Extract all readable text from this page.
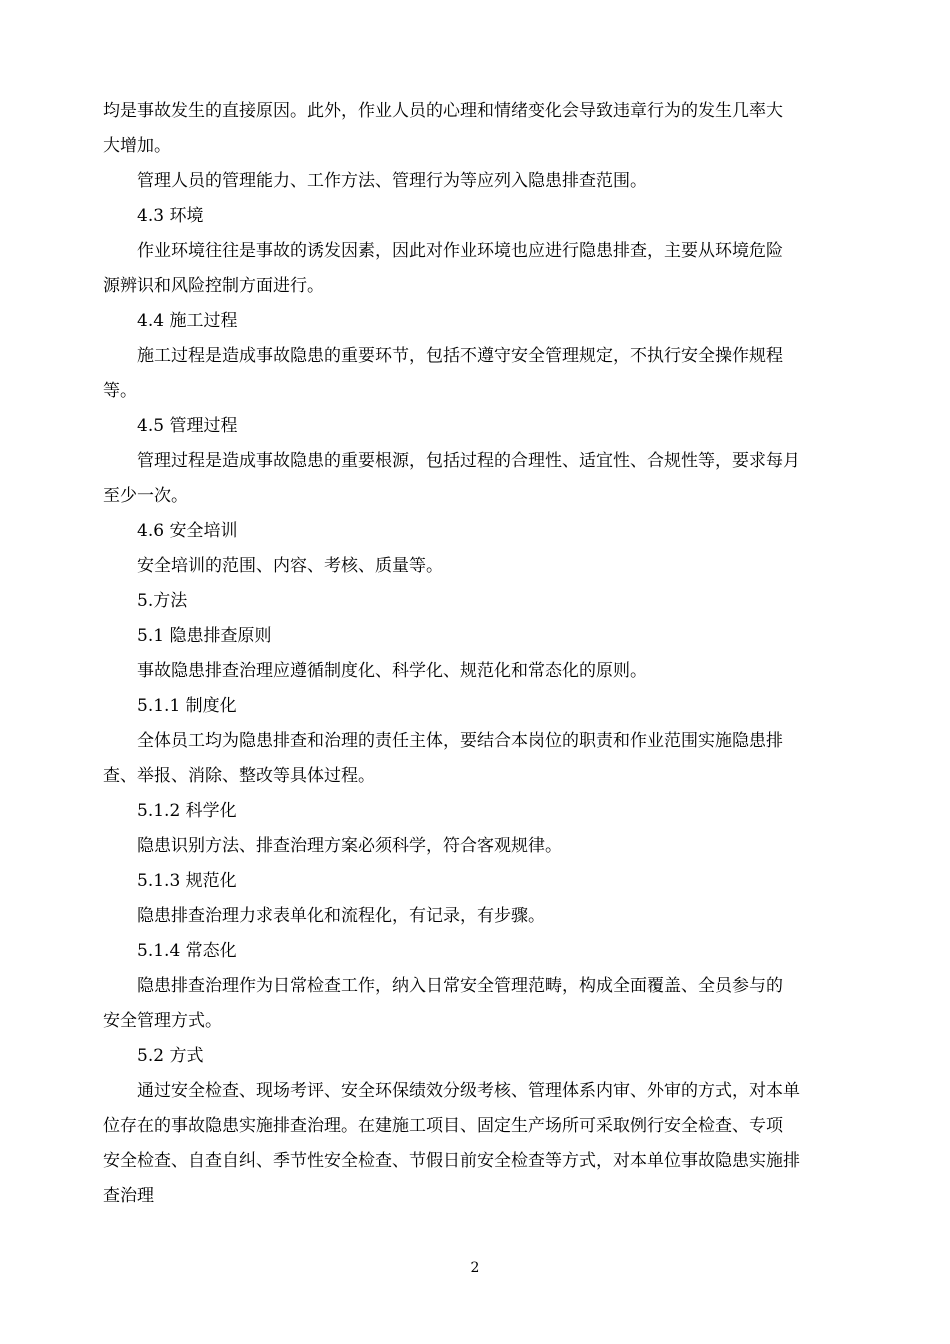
均是事故发生的直接原因。此外，作业人员的心理和情绪变化会导致违章行为的发生几率大
大增加。
管理人员的管理能力、工作方法、管理行为等应列入隐患排查范围。
4.3 环境
作业环境往往是事故的诱发因素，因此对作业环境也应进行隐患排查，主要从环境危险
源辨识和风险控制方面进行。
4.4 施工过程
施工过程是造成事故隐患的重要环节，包括不遵守安全管理规定，不执行安全操作规程
等。
4.5 管理过程
管理过程是造成事故隐患的重要根源，包括过程的合理性、适宜性、合规性等，要求每月
至少一次。
4.6 安全培训
安全培训的范围、内容、考核、质量等。
5.方法
5.1 隐患排查原则
事故隐患排查治理应遵循制度化、科学化、规范化和常态化的原则。
5.1.1 制度化
全体员工均为隐患排查和治理的责任主体，要结合本岗位的职责和作业范围实施隐患排
查、举报、消除、整改等具体过程。
5.1.2 科学化
隐患识别方法、排查治理方案必须科学，符合客观规律。
5.1.3 规范化
隐患排查治理力求表单化和流程化，有记录，有步骤。
5.1.4 常态化
隐患排查治理作为日常检查工作，纳入日常安全管理范畴，构成全面覆盖、全员参与的
安全管理方式。
5.2 方式
通过安全检查、现场考评、安全环保绩效分级考核、管理体系内审、外审的方式，对本单
位存在的事故隐患实施排查治理。在建施工项目、固定生产场所可采取例行安全检查、专项
安全检查、自查自纠、季节性安全检查、节假日前安全检查等方式，对本单位事故隐患实施排
查治理
2
